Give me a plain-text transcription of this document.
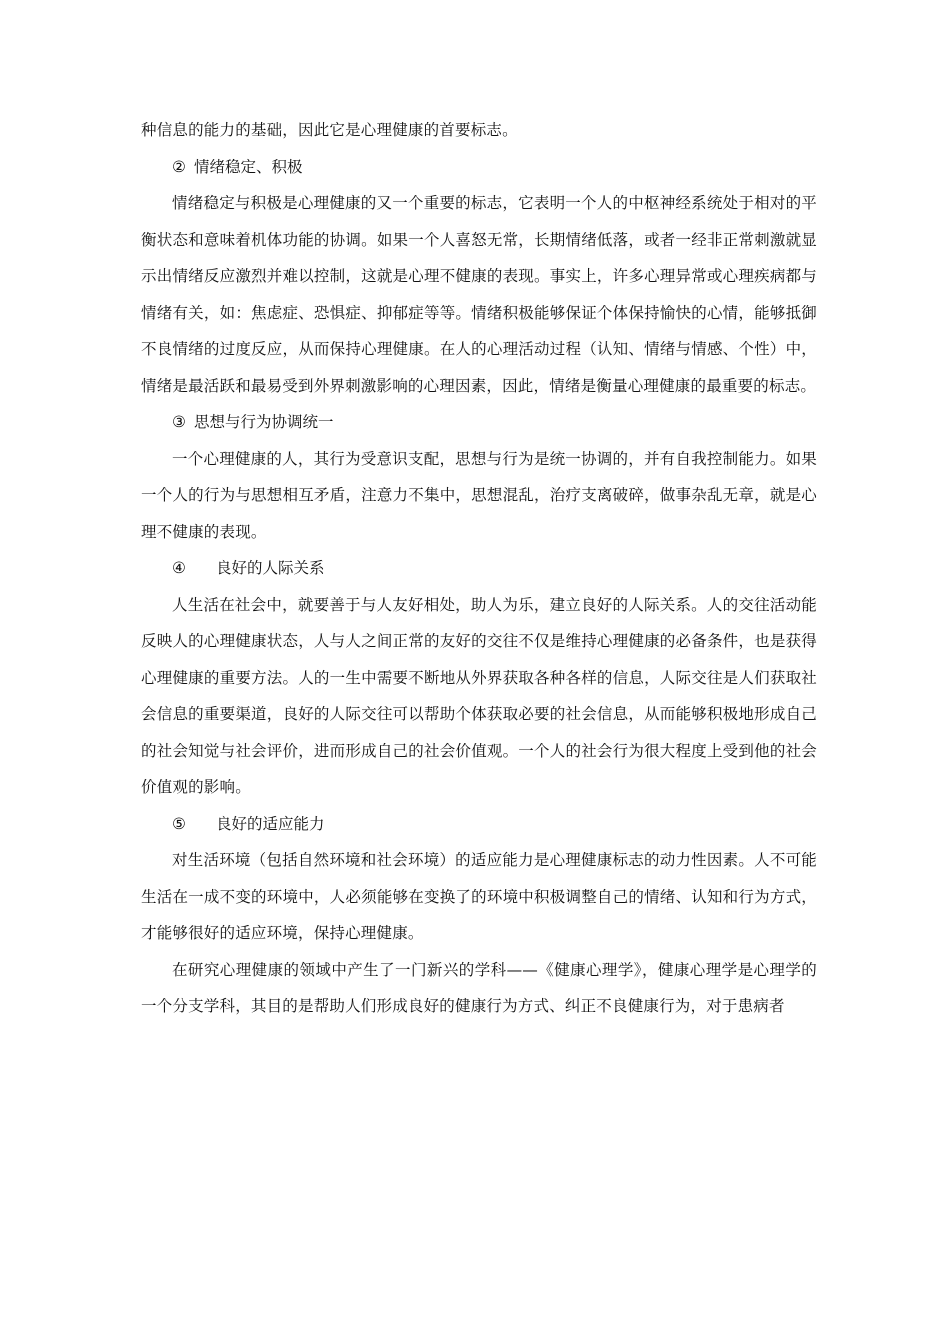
种信息的能力的基础，因此它是心理健康的首要标志。

② 情绪稳定、积极

情绪稳定与积极是心理健康的又一个重要的标志，它表明一个人的中枢神经系统处于相对的平衡状态和意味着机体功能的协调。如果一个人喜怒无常，长期情绪低落，或者一经非正常刺激就显示出情绪反应激烈并难以控制，这就是心理不健康的表现。事实上，许多心理异常或心理疾病都与情绪有关，如：焦虑症、恐惧症、抑郁症等等。情绪积极能够保证个体保持愉快的心情，能够抵御不良情绪的过度反应，从而保持心理健康。在人的心理活动过程（认知、情绪与情感、个性）中，情绪是最活跃和最易受到外界刺激影响的心理因素，因此，情绪是衡量心理健康的最重要的标志。

③ 思想与行为协调统一

一个心理健康的人，其行为受意识支配，思想与行为是统一协调的，并有自我控制能力。如果一个人的行为与思想相互矛盾，注意力不集中，思想混乱，治疗支离破碎，做事杂乱无章，就是心理不健康的表现。

④ 良好的人际关系

人生活在社会中，就要善于与人友好相处，助人为乐，建立良好的人际关系。人的交往活动能反映人的心理健康状态，人与人之间正常的友好的交往不仅是维持心理健康的必备条件，也是获得心理健康的重要方法。人的一生中需要不断地从外界获取各种各样的信息，人际交往是人们获取社会信息的重要渠道，良好的人际交往可以帮助个体获取必要的社会信息，从而能够积极地形成自己的社会知觉与社会评价，进而形成自己的社会价值观。一个人的社会行为很大程度上受到他的社会价值观的影响。

⑤ 良好的适应能力

对生活环境（包括自然环境和社会环境）的适应能力是心理健康标志的动力性因素。人不可能生活在一成不变的环境中，人必须能够在变换了的环境中积极调整自己的情绪、认知和行为方式，才能够很好的适应环境，保持心理健康。

在研究心理健康的领域中产生了一门新兴的学科——《健康心理学》，健康心理学是心理学的一个分支学科，其目的是帮助人们形成良好的健康行为方式、纠正不良健康行为，对于患病者
